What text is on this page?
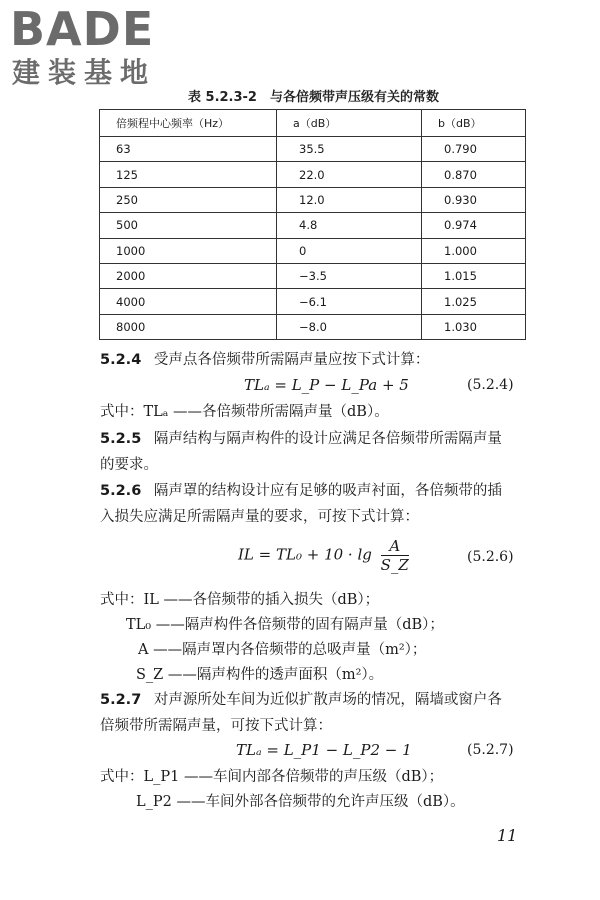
BADE
建装基地
表 5.2.3-2　与各倍频带声压级有关的常数
倍频程中心频率（Hz）	a（dB）	b（dB）
63	35.5	0.790
125	22.0	0.870
250	12.0	0.930
500	4.8	0.974
1000	0	1.000
2000	−3.5	1.015
4000	−6.1	1.025
8000	−8.0	1.030
5.2.4 受声点各倍频带所需隔声量应按下式计算：
TLₐ = L_P − L_Pa + 5	(5.2.4)
式中：TLₐ ——各倍频带所需隔声量（dB）。
5.2.5 隔声结构与隔声构件的设计应满足各倍频带所需隔声量
的要求。
5.2.6 隔声罩的结构设计应有足够的吸声衬面，各倍频带的插
入损失应满足所需隔声量的要求，可按下式计算：
IL = $TL_0 + 10 \cdot \lg \frac{A}{S\_Z}$	(5.2.6)
式中：IL ——各倍频带的插入损失（dB）；
TL₀ ——隔声构件各倍频带的固有隔声量（dB）；
A ——隔声罩内各倍频带的总吸声量（m²）；
S_Z ——隔声构件的透声面积（m²）。
5.2.7 对声源所处车间为近似扩散声场的情况，隔墙或窗户各
倍频带所需隔声量，可按下式计算：
TLₐ = L_P1 − L_P2 − 1	(5.2.7)
式中：L_P1 ——车间内部各倍频带的声压级（dB）；
L_P2 ——车间外部各倍频带的允许声压级（dB）。
11
